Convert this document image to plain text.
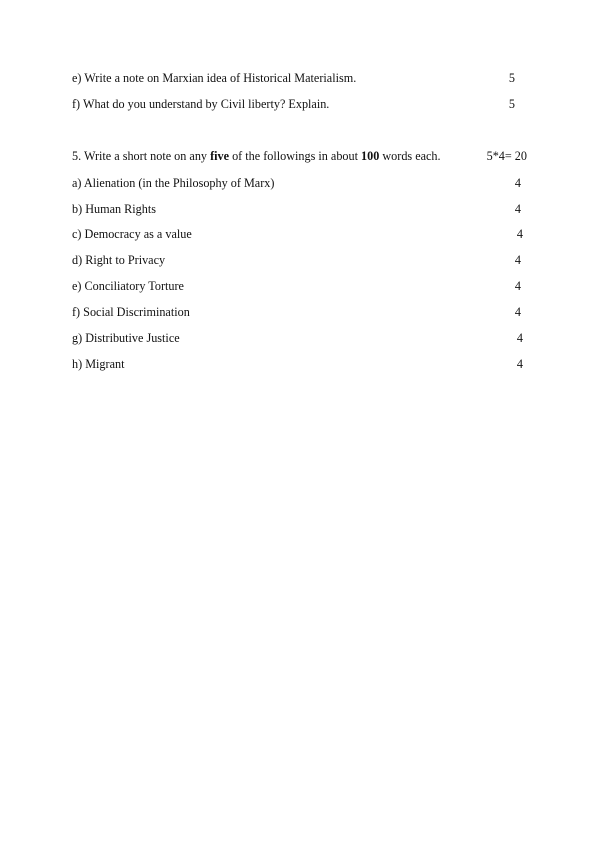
e) Write a note on Marxian idea of Historical Materialism.	5
f) What do you understand by Civil liberty? Explain.	5
5. Write a short note on any five of the followings in about 100 words each.	5*4= 20
a) Alienation (in the Philosophy of Marx)	4
b) Human Rights	4
c) Democracy as a value	4
d) Right to Privacy	4
e) Conciliatory Torture	4
f) Social Discrimination	4
g) Distributive Justice	4
h) Migrant	4
